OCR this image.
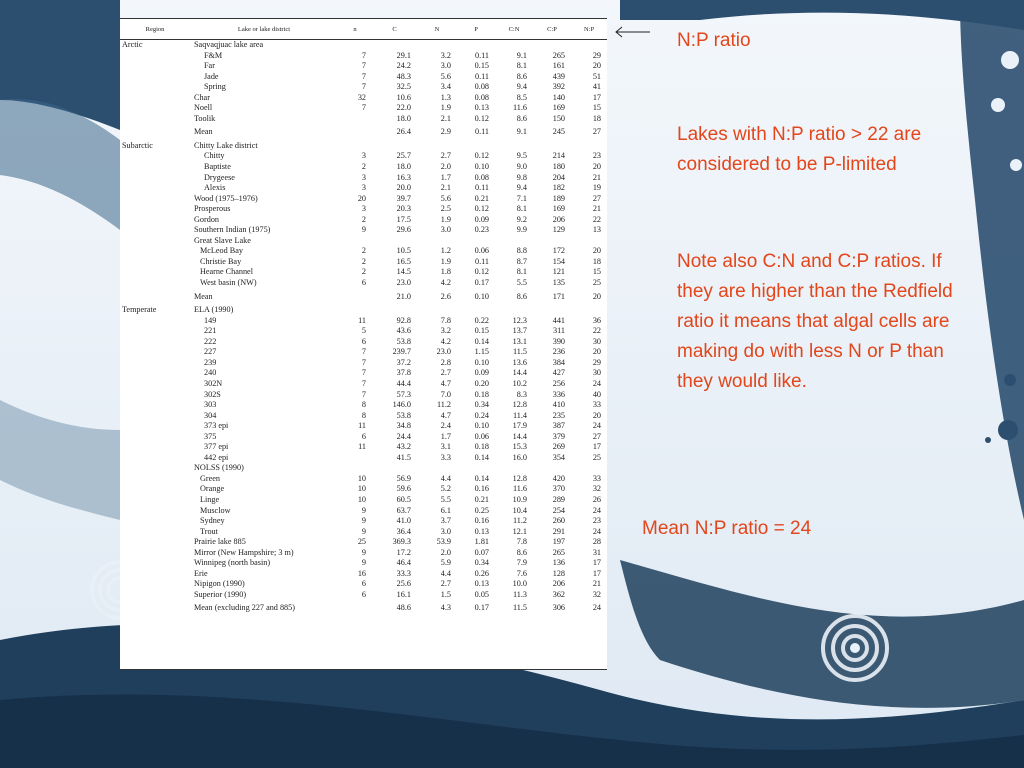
Region	Lake or lake district	n	C	N	P	C:N	C:P	N:P
Arctic	Saqvaqjuac lake area							
	F&M	7	29.1	3.2	0.11	9.1	265	29
	Far	7	24.2	3.0	0.15	8.1	161	20
	Jade	7	48.3	5.6	0.11	8.6	439	51
	Spring	7	32.5	3.4	0.08	9.4	392	41
	Char	32	10.6	1.3	0.08	8.5	140	17
	Noell	7	22.0	1.9	0.13	11.6	169	15
	Toolik		18.0	2.1	0.12	8.6	150	18
	Mean		26.4	2.9	0.11	9.1	245	27
Subarctic	Chitty Lake district							
	Chitty	3	25.7	2.7	0.12	9.5	214	23
	Baptiste	2	18.0	2.0	0.10	9.0	180	20
	Drygeese	3	16.3	1.7	0.08	9.8	204	21
	Alexis	3	20.0	2.1	0.11	9.4	182	19
	Wood (1975–1976)	20	39.7	5.6	0.21	7.1	189	27
	Prosperous	3	20.3	2.5	0.12	8.1	169	21
	Gordon	2	17.5	1.9	0.09	9.2	206	22
	Southern Indian (1975)	9	29.6	3.0	0.23	9.9	129	13
	Great Slave Lake							
	McLeod Bay	2	10.5	1.2	0.06	8.8	172	20
	Christie Bay	2	16.5	1.9	0.11	8.7	154	18
	Hearne Channel	2	14.5	1.8	0.12	8.1	121	15
	West basin (NW)	6	23.0	4.2	0.17	5.5	135	25
	Mean		21.0	2.6	0.10	8.6	171	20
Temperate	ELA (1990)							
	149	11	92.8	7.8	0.22	12.3	441	36
	221	5	43.6	3.2	0.15	13.7	311	22
	222	6	53.8	4.2	0.14	13.1	390	30
	227	7	239.7	23.0	1.15	11.5	236	20
	239	7	37.2	2.8	0.10	13.6	384	29
	240	7	37.8	2.7	0.09	14.4	427	30
	302N	7	44.4	4.7	0.20	10.2	256	24
	302S	7	57.3	7.0	0.18	8.3	336	40
	303	8	146.0	11.2	0.34	12.8	410	33
	304	8	53.8	4.7	0.24	11.4	235	20
	373 epi	11	34.8	2.4	0.10	17.9	387	24
	375	6	24.4	1.7	0.06	14.4	379	27
	377 epi	11	43.2	3.1	0.18	15.3	269	17
	442 epi		41.5	3.3	0.14	16.0	354	25
	NOLSS (1990)							
	Green	10	56.9	4.4	0.14	12.8	420	33
	Orange	10	59.6	5.2	0.16	11.6	370	32
	Linge	10	60.5	5.5	0.21	10.9	289	26
	Musclow	9	63.7	6.1	0.25	10.4	254	24
	Sydney	9	41.0	3.7	0.16	11.2	260	23
	Trout	9	36.4	3.0	0.13	12.1	291	24
	Prairie lake 885	25	369.3	53.9	1.81	7.8	197	28
	Mirror (New Hampshire; 3 m)	9	17.2	2.0	0.07	8.6	265	31
	Winnipeg (north basin)	9	46.4	5.9	0.34	7.9	136	17
	Erie	16	33.3	4.4	0.26	7.6	128	17
	Nipigon (1990)	6	25.6	2.7	0.13	10.0	206	21
	Superior (1990)	6	16.1	1.5	0.05	11.3	362	32
	Mean (excluding 227 and 885)		48.6	4.3	0.17	11.5	306	24
N:P ratio
Lakes with N:P ratio > 22 are considered to be P-limited
Note also C:N and C:P ratios. If they are higher than the Redfield ratio it means that algal cells are making do with less N or P than they would like.
Mean N:P ratio = 24
